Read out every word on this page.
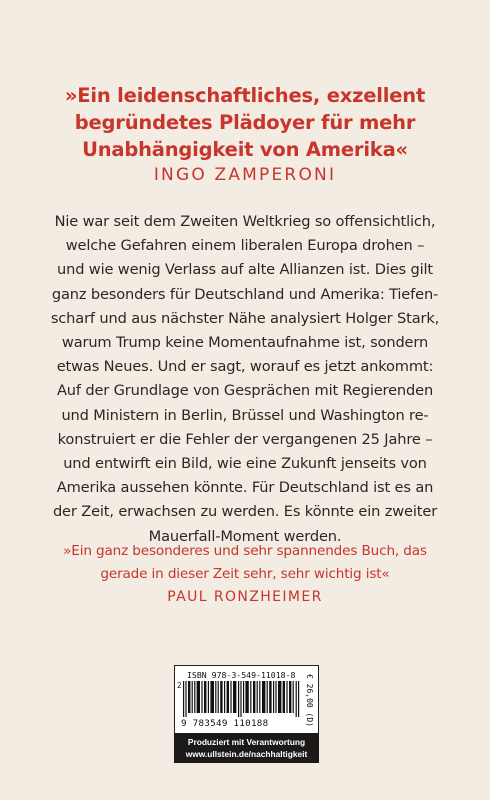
»Ein leidenschaftliches, exzellent
begründetes Plädoyer für mehr
Unabhängigkeit von Amerika«
INGO ZAMPERONI
Nie war seit dem Zweiten Weltkrieg so offensichtlich,
welche Gefahren einem liberalen Europa drohen –
und wie wenig Verlass auf alte Allianzen ist. Dies gilt
ganz besonders für Deutschland und Amerika: Tiefen-
scharf und aus nächster Nähe analysiert Holger Stark,
warum Trump keine Momentaufnahme ist, sondern
etwas Neues. Und er sagt, worauf es jetzt ankommt:
Auf der Grundlage von Gesprächen mit Regierenden
und Ministern in Berlin, Brüssel und Washington re-
konstruiert er die Fehler der vergangenen 25 Jahre –
und entwirft ein Bild, wie eine Zukunft jenseits von
Amerika aussehen könnte. Für Deutschland ist es an
der Zeit, erwachsen zu werden. Es könnte ein zweiter
Mauerfall-Moment werden.
»Ein ganz besonderes und sehr spannendes Buch, das
gerade in dieser Zeit sehr, sehr wichtig ist«
PAUL RONZHEIMER
ISBN 978-3-549-11018-8
2
9 783549 110188	€ 26,00 (D)
Produziert mit Verantwortung
www.ullstein.de/nachhaltigkeit
